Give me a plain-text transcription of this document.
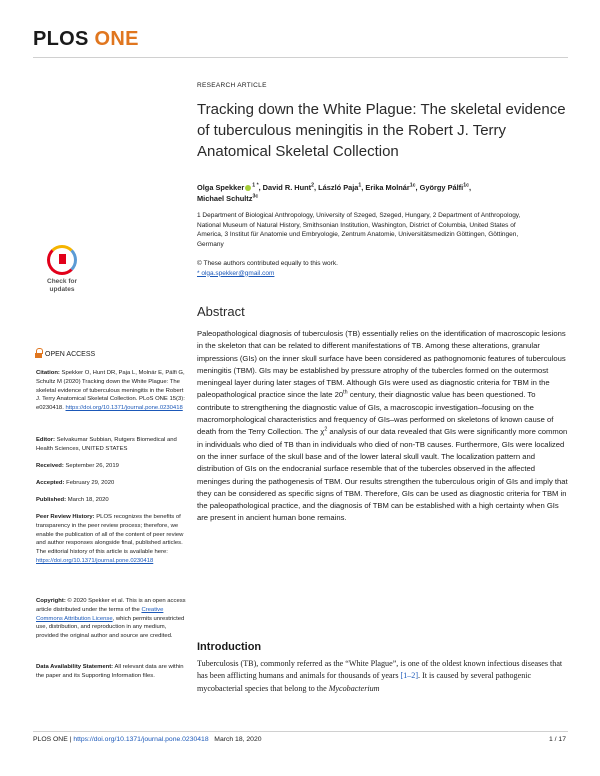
PLOS ONE
RESEARCH ARTICLE
Tracking down the White Plague: The skeletal evidence of tuberculous meningitis in the Robert J. Terry Anatomical Skeletal Collection
Olga Spekker $^{1 *}$, David R. Hunt$^2$, László Paja$^1$, Erika Molnár$^{1c}$, György Pálfi$^{1c}$,
Michael Schultz$^{3c}$
1 Department of Biological Anthropology, University of Szeged, Szeged, Hungary, 2 Department of Anthropology, National Museum of Natural History, Smithsonian Institution, Washington, District of Columbia, United States of America, 3 Institut für Anatomie und Embryologie, Zentrum Anatomie, Universitätsmedizin Göttingen, Göttingen, Germany
© These authors contributed equally to this work.
* olga.spekker@gmail.com
Check for
updates
OPEN ACCESS
Citation: Spekker O, Hunt DR, Paja L, Molnár E, Pálfi G, Schultz M (2020) Tracking down the White Plague: The skeletal evidence of tuberculous meningitis in the Robert J. Terry Anatomical Skeletal Collection. PLoS ONE 15(3): e0230418. https://doi.org/10.1371/journal.pone.0230418
Editor: Selvakumar Subbian, Rutgers Biomedical and Health Sciences, UNITED STATES
Received: September 26, 2019
Accepted: February 29, 2020
Published: March 18, 2020
Peer Review History: PLOS recognizes the benefits of transparency in the peer review process; therefore, we enable the publication of all of the content of peer review and author responses alongside final, published articles. The editorial history of this article is available here: https://doi.org/10.1371/journal.pone.0230418
Copyright: © 2020 Spekker et al. This is an open access article distributed under the terms of the Creative Commons Attribution License, which permits unrestricted use, distribution, and reproduction in any medium, provided the original author and source are credited.
Data Availability Statement: All relevant data are within the paper and its Supporting Information files.
Abstract
Paleopathological diagnosis of tuberculosis (TB) essentially relies on the identification of macroscopic lesions in the skeleton that can be related to different manifestations of TB. Among these alterations, granular impressions (GIs) on the inner skull surface have been considered as pathognomonic features of tuberculous meningitis (TBM). GIs may be established by pressure atrophy of the tubercles formed on the outermost meningeal layer during later stages of TBM. Although GIs were used as diagnostic criteria for TBM in the paleopathological practice since the late 20th century, their diagnostic value has been questioned. To contribute to strengthening the diagnostic value of GIs, a macroscopic investigation–focusing on the macromorphological characteristics and frequency of GIs–was performed on skeletons of known cause of death from the Terry Collection. The $\chi^2$ analysis of our data revealed that GIs were significantly more common in individuals who died of TB than in individuals who died of non-TB causes. Furthermore, GIs were localized on the inner surface of the skull base and of the lower lateral skull vault. The localization pattern and distribution of GIs on the endocranial surface resemble that of the tubercles observed in the affected meninges during the pathogenesis of TBM. Our results strengthen the tuberculous origin of GIs and imply that they can be considered as specific signs of TBM. Therefore, GIs can be used as diagnostic criteria for TBM in the paleopathological practice, and the diagnosis of TBM can be established with a high certainty when GIs are present in ancient human bone remains.
Introduction
Tuberculosis (TB), commonly referred as the “White Plague”, is one of the oldest known infectious diseases that has been afflicting humans and animals for thousands of years [1–2]. It is caused by several pathogenic mycobacterial species that belong to the Mycobacterium
PLOS ONE | https://doi.org/10.1371/journal.pone.0230418 March 18, 2020	1 / 17
